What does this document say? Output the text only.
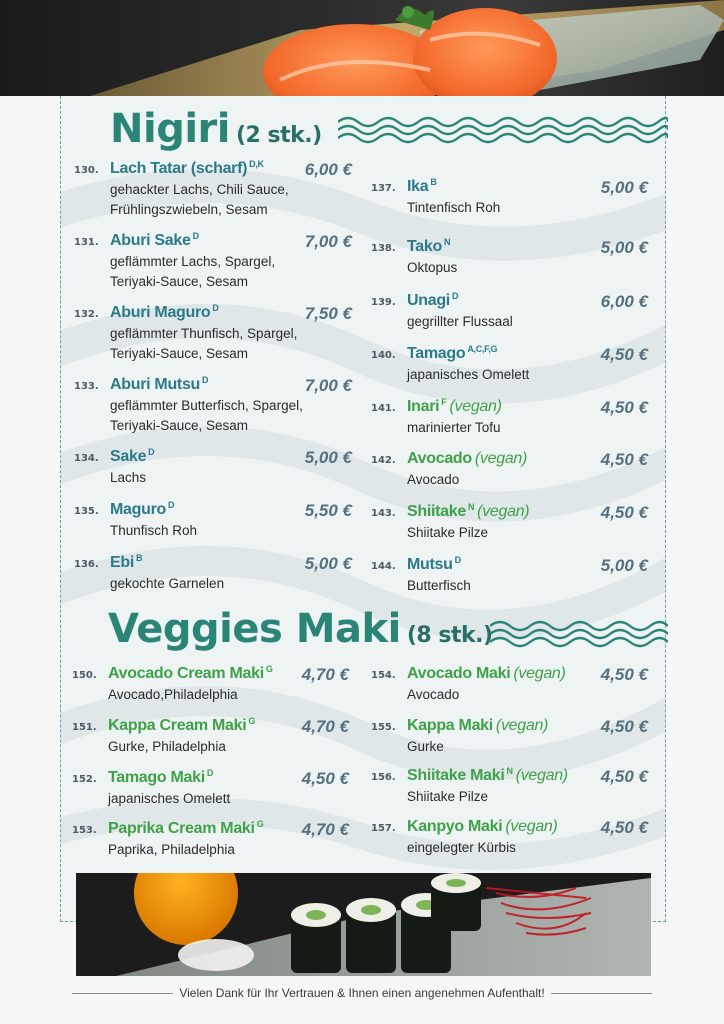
Nigiri (2 stk.)
Veggies Maki (8 stk.)
130. Lach Tatar (scharf) $^{D,K}$	6,00 €
gehackter Lachs, Chili Sauce,
Frühlingszwiebeln, Sesam
131. Aburi Sake $^D$	7,00 €
geflämmter Lachs, Spargel,
Teriyaki-Sauce, Sesam
132. Aburi Maguro $^D$	7,50 €
geflämmter Thunfisch, Spargel,
Teriyaki-Sauce, Sesam
133. Aburi Mutsu $^D$	7,00 €
geflämmter Butterfisch, Spargel,
Teriyaki-Sauce, Sesam
134. Sake $^D$	5,00 €
Lachs
135. Maguro $^D$	5,50 €
Thunfisch Roh
136. Ebi $^B$	5,00 €
gekochte Garnelen
137. Ika $^B$	5,00 €
Tintenfisch Roh
138. Tako $^N$	5,00 €
Oktopus
139. Unagi $^D$	6,00 €
gegrillter Flussaal
140. Tamago $^{A,C,F,G}$	4,50 €
japanisches Omelett
141. Inari $^F$ (vegan)	4,50 €
marinierter Tofu
142. Avocado (vegan)	4,50 €
Avocado
143. Shiitake $^N$ (vegan)	4,50 €
Shiitake Pilze
144. Mutsu $^D$	5,00 €
Butterfisch
150. Avocado Cream Maki $^G$	4,70 €
Avocado,Philadelphia
151. Kappa Cream Maki $^G$	4,70 €
Gurke, Philadelphia
152. Tamago Maki $^D$	4,50 €
japanisches Omelett
153. Paprika Cream Maki $^G$	4,70 €
Paprika, Philadelphia
154. Avocado Maki (vegan)	4,50 €
Avocado
155. Kappa Maki (vegan)	4,50 €
Gurke
156. Shiitake Maki $^N$ (vegan)	4,50 €
Shiitake Pilze
157. Kanpyo Maki (vegan)	4,50 €
eingelegter Kürbis
Vielen Dank für Ihr Vertrauen & Ihnen einen angenehmen Aufenthalt!
